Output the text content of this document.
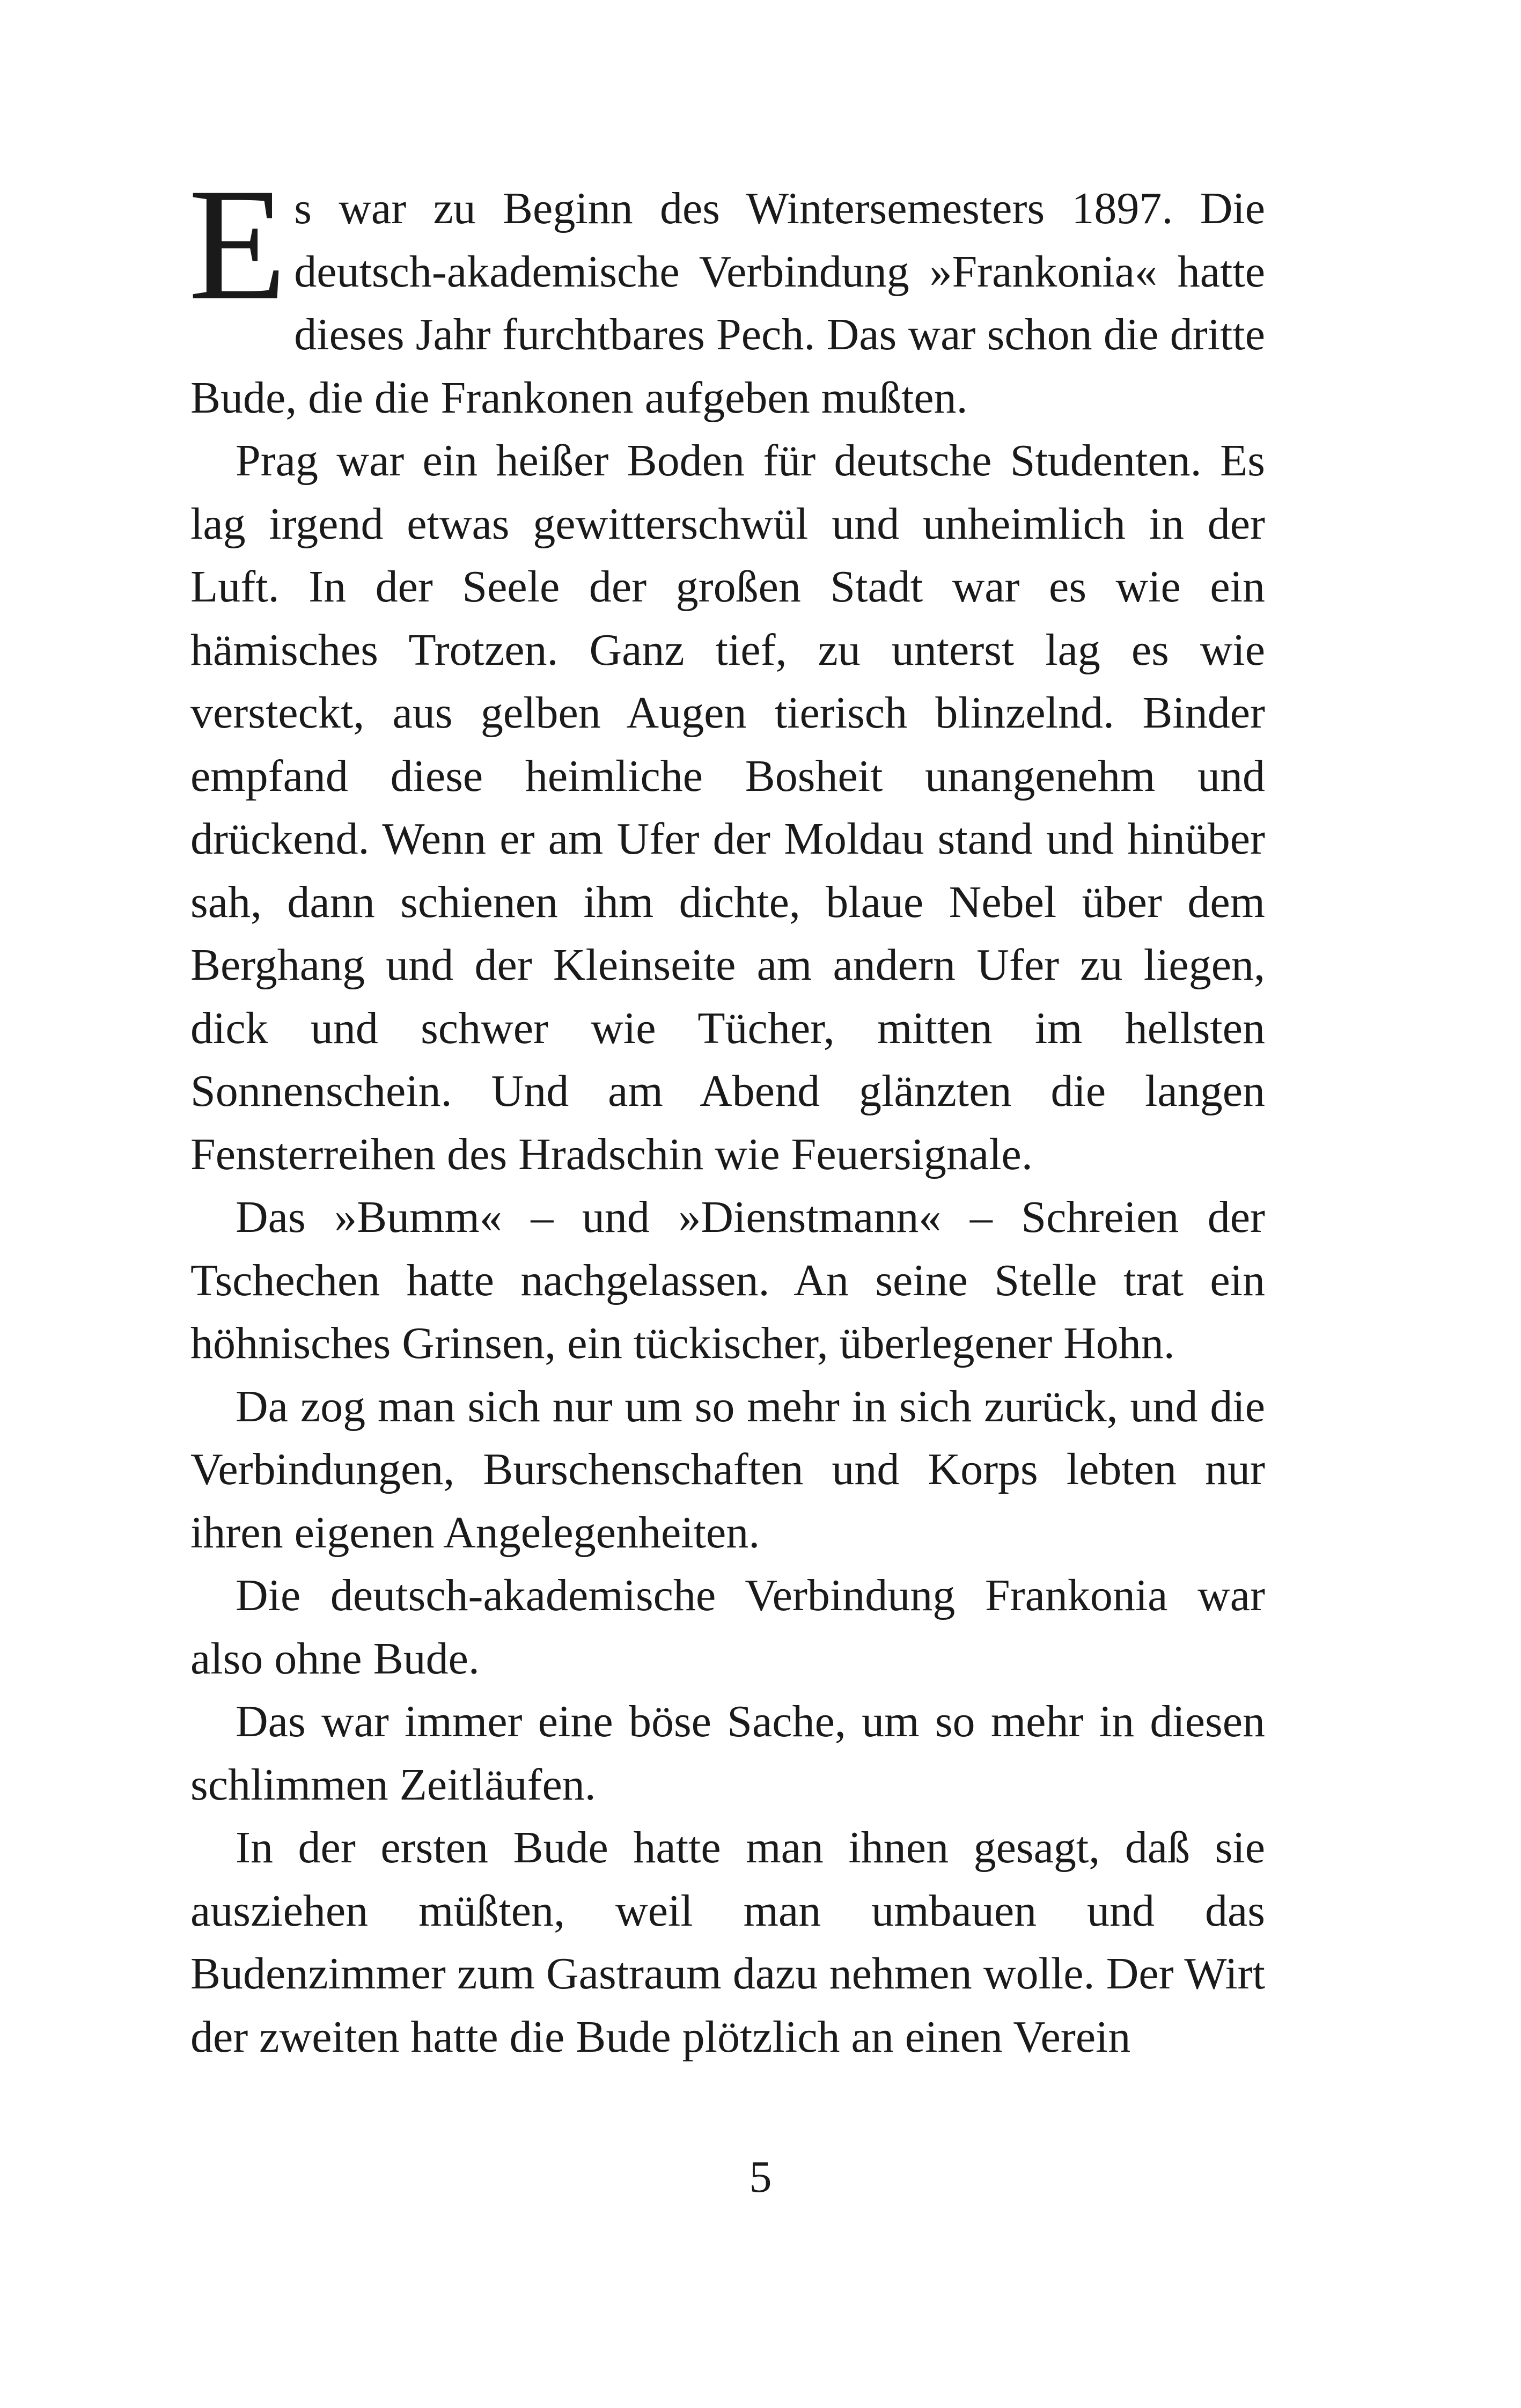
Es war zu Beginn des Wintersemesters 1897. Die deutsch-akademische Verbindung »Frankonia« hatte dieses Jahr furchtbares Pech. Das war schon die dritte Bude, die die Frankonen aufgeben mußten.

Prag war ein heißer Boden für deutsche Studenten. Es lag irgend etwas gewitterschwül und unheimlich in der Luft. In der Seele der großen Stadt war es wie ein hämisches Trotzen. Ganz tief, zu unterst lag es wie versteckt, aus gelben Augen tierisch blinzelnd. Binder empfand diese heimliche Bosheit unangenehm und drückend. Wenn er am Ufer der Moldau stand und hinüber sah, dann schienen ihm dichte, blaue Nebel über dem Berghang und der Kleinseite am andern Ufer zu liegen, dick und schwer wie Tücher, mitten im hellsten Sonnenschein. Und am Abend glänzten die langen Fensterreihen des Hradschin wie Feuersignale.

Das »Bumm« – und »Dienstmann« – Schreien der Tschechen hatte nachgelassen. An seine Stelle trat ein höhnisches Grinsen, ein tückischer, überlegener Hohn.

Da zog man sich nur um so mehr in sich zurück, und die Verbindungen, Burschenschaften und Korps lebten nur ihren eigenen Angelegenheiten.

Die deutsch-akademische Verbindung Frankonia war also ohne Bude.

Das war immer eine böse Sache, um so mehr in diesen schlimmen Zeitläufen.

In der ersten Bude hatte man ihnen gesagt, daß sie ausziehen müßten, weil man umbauen und das Budenzimmer zum Gastraum dazu nehmen wolle. Der Wirt der zweiten hatte die Bude plötzlich an einen Verein

5
